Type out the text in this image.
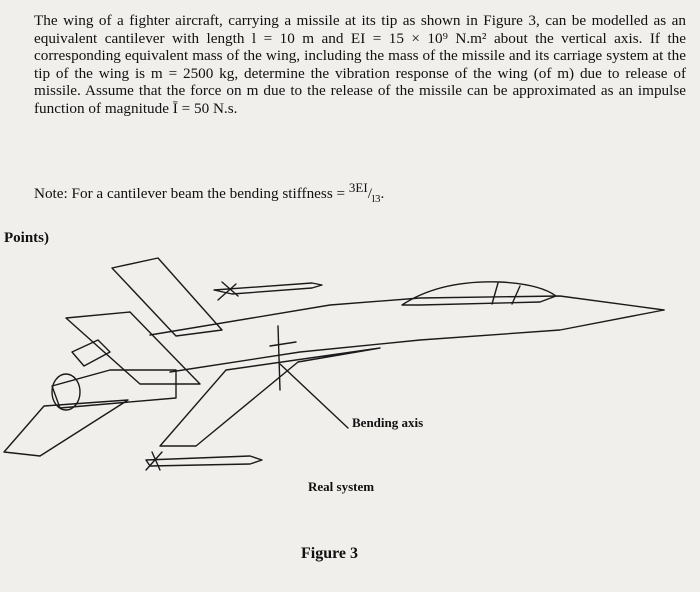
The wing of a fighter aircraft, carrying a missile at its tip as shown in Figure 3, can be modelled as an equivalent cantilever with length l = 10 m and EI = 15 × 10⁹ N.m² about the vertical axis. If the corresponding equivalent mass of the wing, including the mass of the missile and its carriage system at the tip of the wing is m = 2500 kg, determine the vibration response of the wing (of m) due to release of missile. Assume that the force on m due to the release of the missile can be approximated as an impulse function of magnitude Ī = 50 N.s.
Note: For a cantilever beam the bending stiffness = $^{3EI}/_{l3}$.
Points)
Bending axis
Real system
Figure 3
